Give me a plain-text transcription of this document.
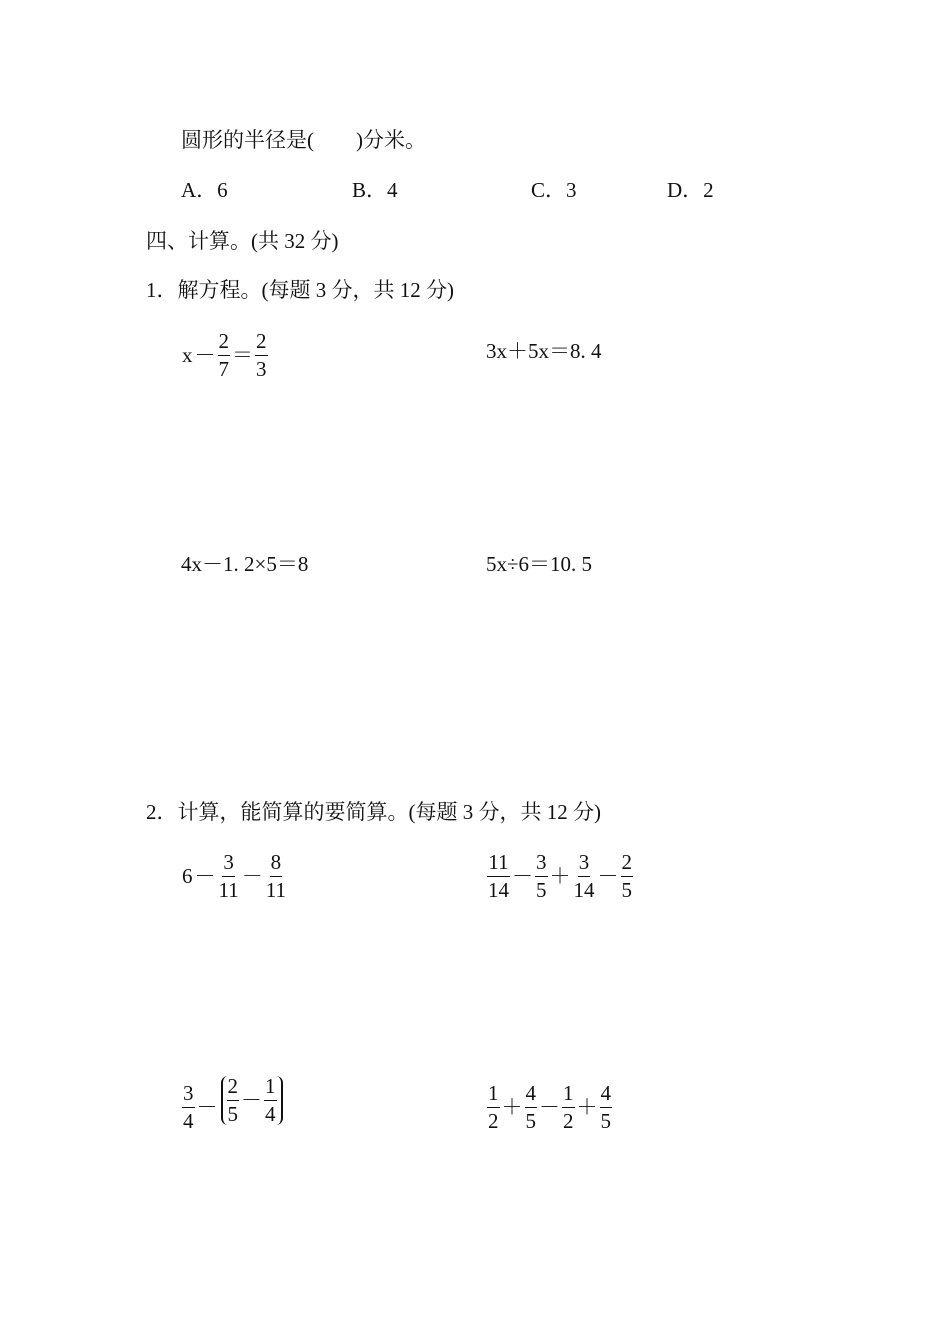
圆形的半径是(　　)分米。
A．6	B．4	C．3	D．2
四、计算。(共 32 分)
1．解方程。(每题 3 分，共 12 分)
$x - \frac{2}{7} = \frac{2}{3}$	3x＋5x＝8. 4
4x－1. 2×5＝8	5x÷6＝10. 5
2．计算，能简算的要简算。(每题 3 分，共 12 分)
$6 - \frac{3}{11} - \frac{8}{11}$	$\frac{11}{14} - \frac{3}{5} + \frac{3}{14} - \frac{2}{5}$
$\frac{3}{4} - \frac{2}{5} - \frac{1}{4}$	$\frac{1}{2} + \frac{4}{5} - \frac{1}{2} + \frac{4}{5}$
